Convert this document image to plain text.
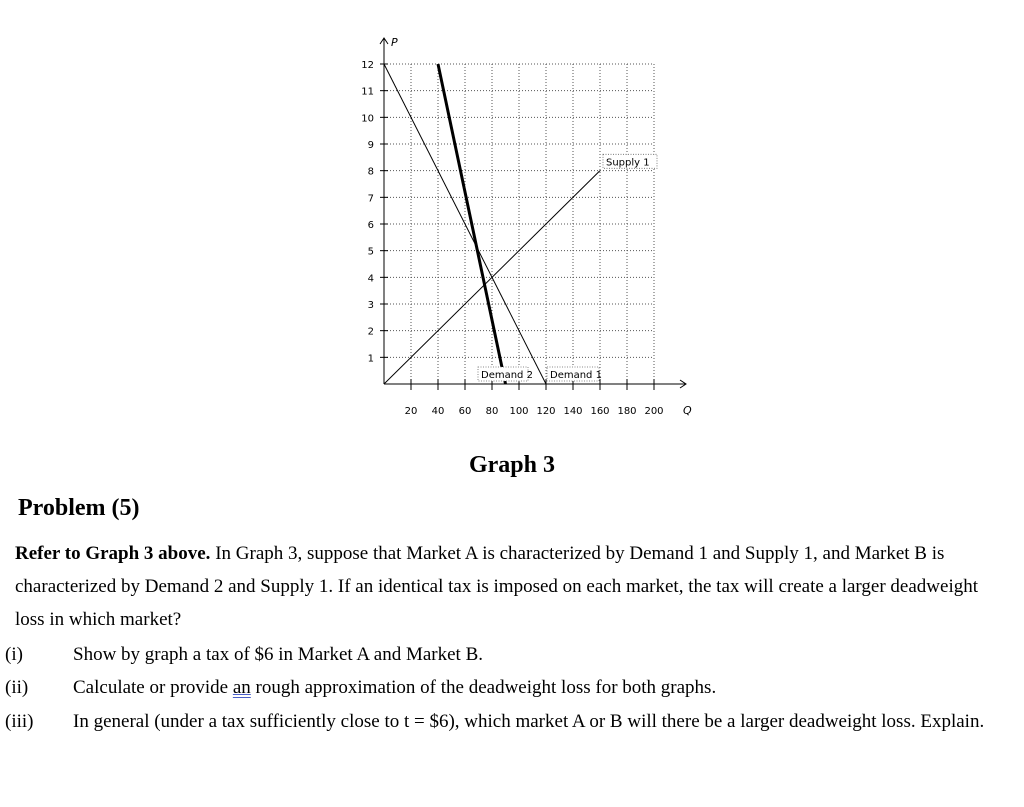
P
Q
1
2
3
4
5
6
7
8
9
10
11
12
20 40 60 80 100 120 140 160 180 200
Supply 1
Demand 1
Demand 2
Graph 3
Problem (5)
Refer to Graph 3 above. In Graph 3, suppose that Market A is characterized by Demand 1 and Supply 1, and Market B is characterized by Demand 2 and Supply 1. If an identical tax is imposed on each market, the tax will create a larger deadweight loss in which market?
(i)	Show by graph a tax of $6 in Market A and Market B.
(ii) Calculate or provide an rough approximation of the deadweight loss for both graphs.
(iii) In general (under a tax sufficiently close to t = $6), which market A or B will there be a larger deadweight loss. Explain.
